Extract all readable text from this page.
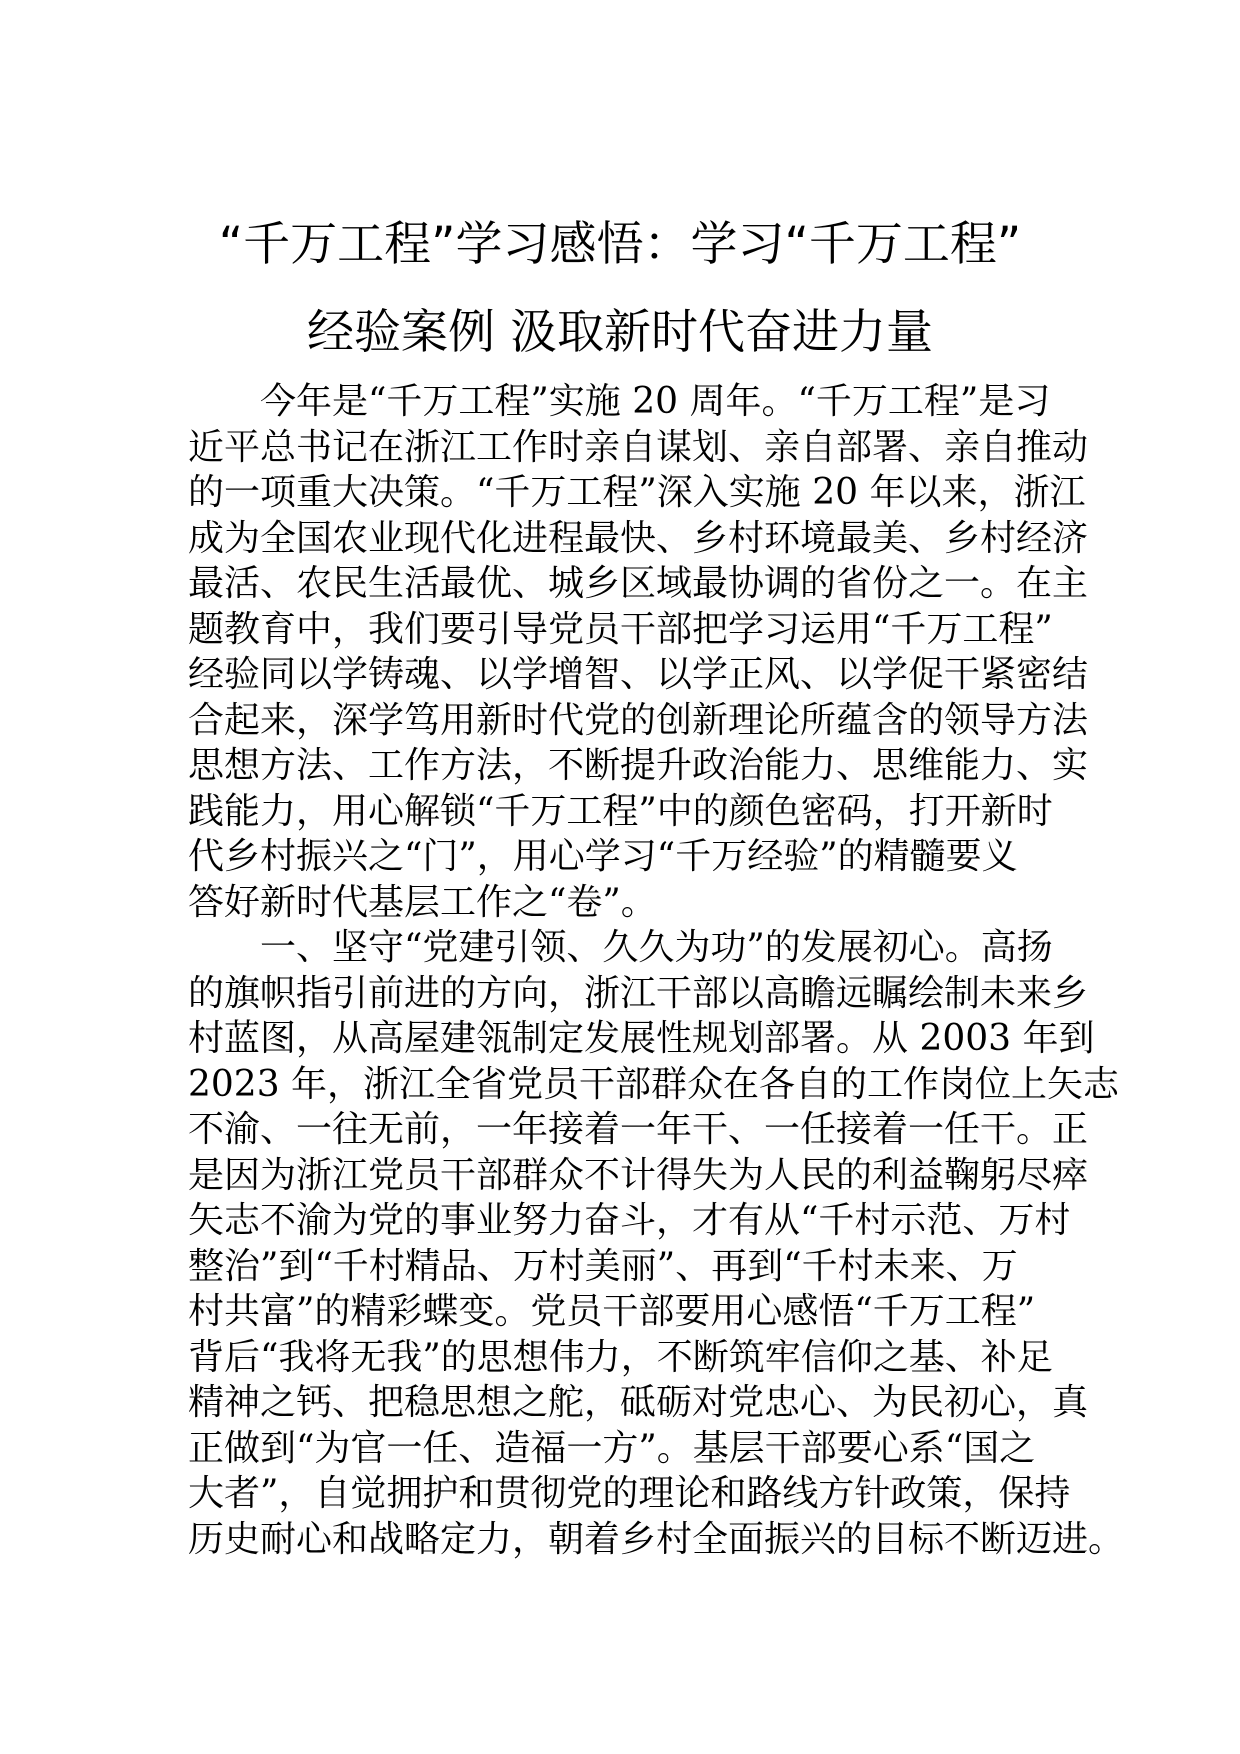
“千万工程”学习感悟：学习“千万工程”
经验案例 汲取新时代奋进力量
今年是“千万工程”实施 20 周年。“千万工程”是习
近平总书记在浙江工作时亲自谋划、亲自部署、亲自推动
的一项重大决策。“千万工程”深入实施 20 年以来，浙江
成为全国农业现代化进程最快、乡村环境最美、乡村经济
最活、农民生活最优、城乡区域最协调的省份之一。在主
题教育中，我们要引导党员干部把学习运用“千万工程”
经验同以学铸魂、以学增智、以学正风、以学促干紧密结
合起来，深学笃用新时代党的创新理论所蕴含的领导方法
思想方法、工作方法，不断提升政治能力、思维能力、实
践能力，用心解锁“千万工程”中的颜色密码，打开新时
代乡村振兴之“门”，用心学习“千万经验”的精髓要义
答好新时代基层工作之“卷”。
一、坚守“党建引领、久久为功”的发展初心。高扬
的旗帜指引前进的方向，浙江干部以高瞻远瞩绘制未来乡
村蓝图，从高屋建瓴制定发展性规划部署。从 2003 年到
2023 年，浙江全省党员干部群众在各自的工作岗位上矢志
不渝、一往无前，一年接着一年干、一任接着一任干。正
是因为浙江党员干部群众不计得失为人民的利益鞠躬尽瘁
矢志不渝为党的事业努力奋斗，才有从“千村示范、万村
整治”到“千村精品、万村美丽”、再到“千村未来、万
村共富”的精彩蝶变。党员干部要用心感悟“千万工程”
背后“我将无我”的思想伟力，不断筑牢信仰之基、补足
精神之钙、把稳思想之舵，砥砺对党忠心、为民初心，真
正做到“为官一任、造福一方”。基层干部要心系“国之
大者”，自觉拥护和贯彻党的理论和路线方针政策，保持
历史耐心和战略定力，朝着乡村全面振兴的目标不断迈进。
